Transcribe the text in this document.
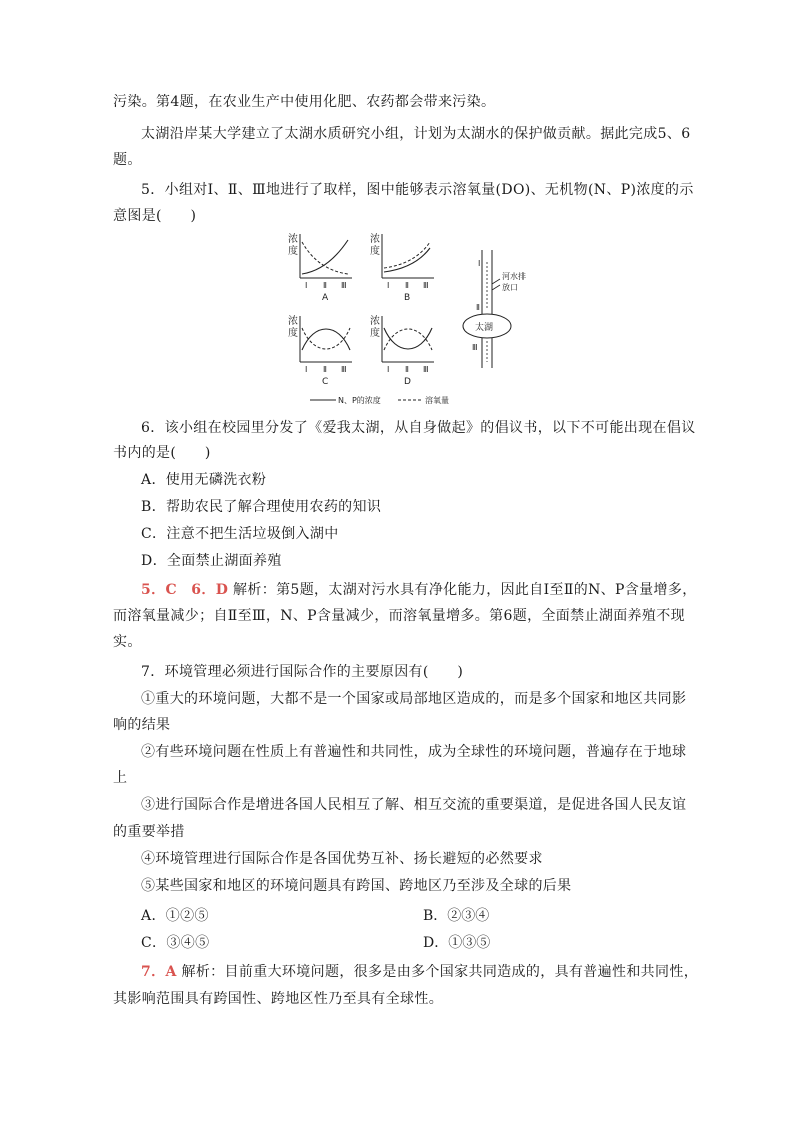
污染。第4题，在农业生产中使用化肥、农药都会带来污染。

太湖沿岸某大学建立了太湖水质研究小组，计划为太湖水的保护做贡献。据此完成5、6

题。

5．小组对Ⅰ、Ⅱ、Ⅲ地进行了取样，图中能够表示溶氧量(DO)、无机物(N、P)浓度的示

意图是(　　)

浓
度
Ⅰ Ⅱ Ⅲ
A
浓
度
Ⅰ Ⅱ Ⅲ
B
浓
度
Ⅰ Ⅱ Ⅲ
C
浓
度
Ⅰ Ⅱ Ⅲ
D
Ⅰ
Ⅱ
河水排
放口
太湖
Ⅲ
N、P的浓度	溶氧量

6．该小组在校园里分发了《爱我太湖，从自身做起》的倡议书，以下不可能出现在倡议

书内的是(　　)

A．使用无磷洗衣粉

B．帮助农民了解合理使用农药的知识

C．注意不把生活垃圾倒入湖中

D．全面禁止湖面养殖

5．C　6．D 解析：第5题，太湖对污水具有净化能力，因此自Ⅰ至Ⅱ的N、P含量增多，

而溶氧量减少；自Ⅱ至Ⅲ，N、P含量减少，而溶氧量增多。第6题，全面禁止湖面养殖不现

实。

7．环境管理必须进行国际合作的主要原因有(　　)

①重大的环境问题，大都不是一个国家或局部地区造成的，而是多个国家和地区共同影

响的结果

②有些环境问题在性质上有普遍性和共同性，成为全球性的环境问题，普遍存在于地球

上

③进行国际合作是增进各国人民相互了解、相互交流的重要渠道，是促进各国人民友谊

的重要举措

④环境管理进行国际合作是各国优势互补、扬长避短的必然要求

⑤某些国家和地区的环境问题具有跨国、跨地区乃至涉及全球的后果

A．①②⑤	B．②③④

C．③④⑤	D．①③⑤

7．A 解析：目前重大环境问题，很多是由多个国家共同造成的，具有普遍性和共同性，

其影响范围具有跨国性、跨地区性乃至具有全球性。
